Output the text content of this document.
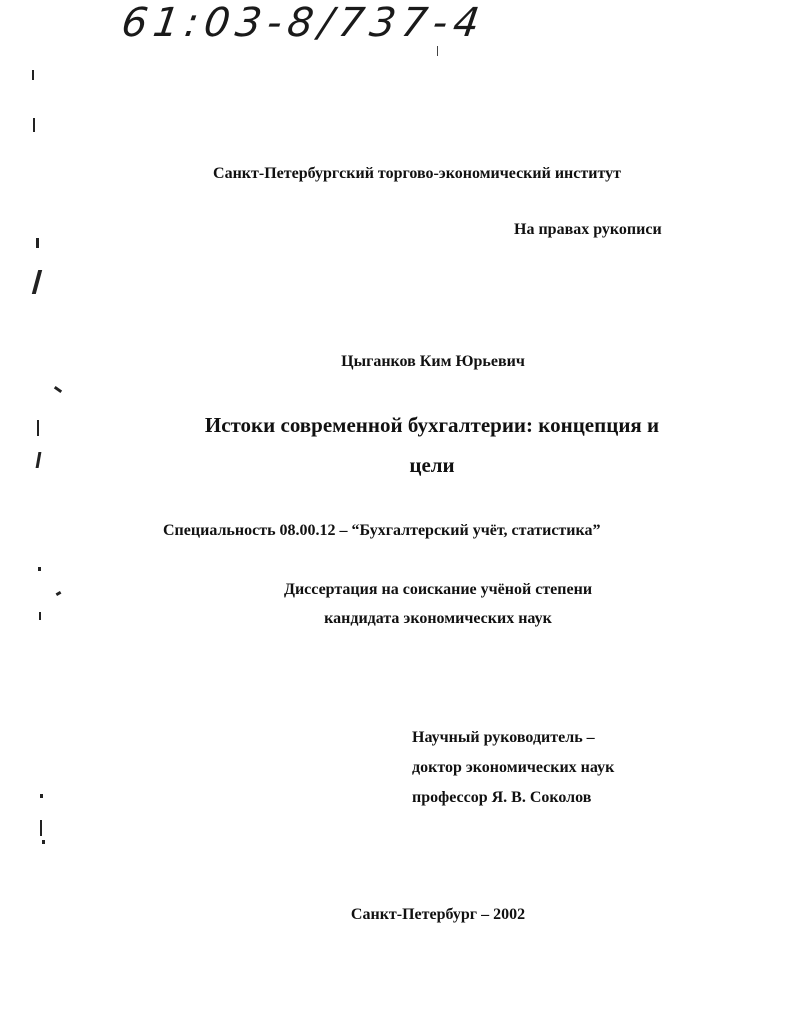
61:03-8/737-4
Санкт-Петербургский торгово-экономический институт
На правах рукописи
Цыганков Ким Юрьевич
Истоки современной бухгалтерии: концепция и
цели
Специальность 08.00.12 – “Бухгалтерский учёт, статистика”
Диссертация на соискание учёной степени
кандидата экономических наук
Научный руководитель –
доктор экономических наук
профессор Я. В. Соколов
Санкт-Петербург – 2002
